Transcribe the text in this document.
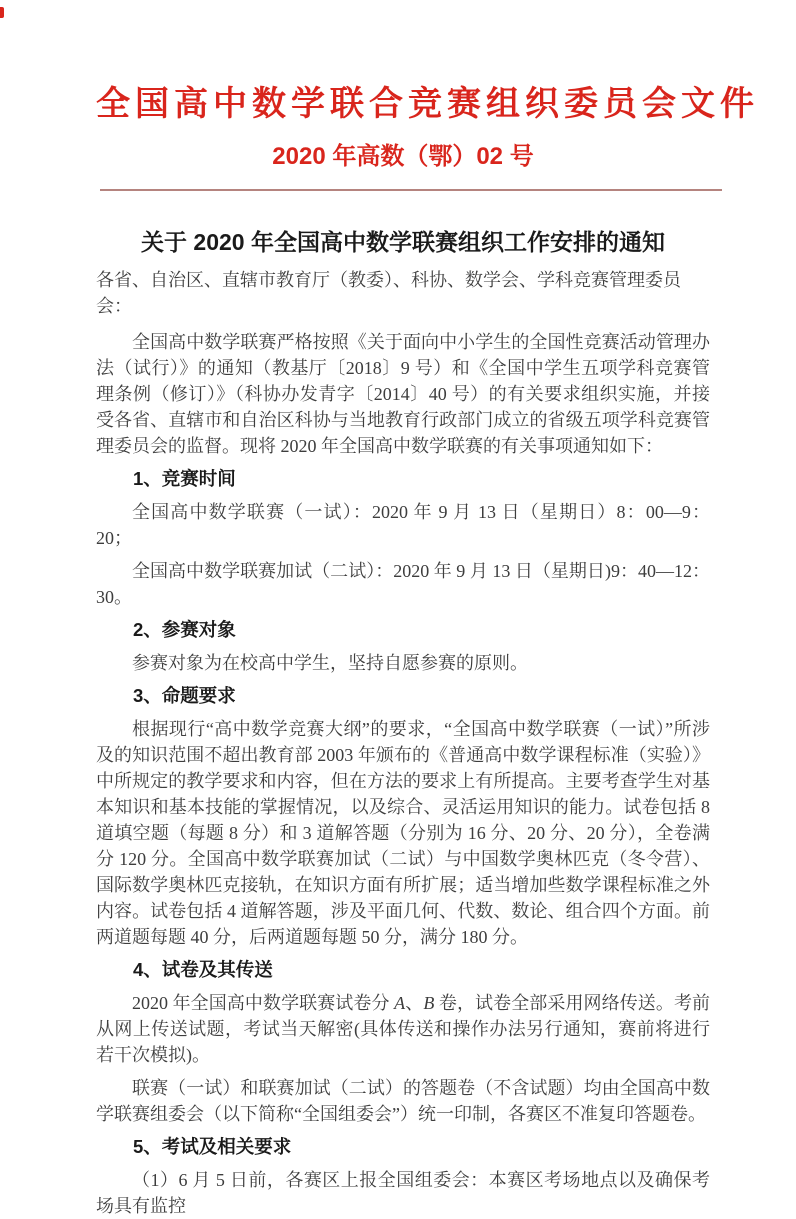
全国高中数学联合竞赛组织委员会文件
2020 年高数（鄂）02 号
关于 2020 年全国高中数学联赛组织工作安排的通知

各省、自治区、直辖市教育厅（教委）、科协、数学会、学科竞赛管理委员会：

全国高中数学联赛严格按照《关于面向中小学生的全国性竞赛活动管理办法（试行）》的通知（教基厅〔2018〕9 号）和《全国中学生五项学科竞赛管理条例（修订）》（科协办发青字〔2014〕40 号）的有关要求组织实施，并接受各省、直辖市和自治区科协与当地教育行政部门成立的省级五项学科竞赛管理委员会的监督。现将 2020 年全国高中数学联赛的有关事项通知如下：

1、竞赛时间

全国高中数学联赛（一试）：2020 年 9 月 13 日（星期日）8：00—9：20；

全国高中数学联赛加试（二试）：2020 年 9 月 13 日（星期日)9：40—12：30。

2、参赛对象

参赛对象为在校高中学生，坚持自愿参赛的原则。

3、命题要求

根据现行“高中数学竞赛大纲”的要求，“全国高中数学联赛（一试）”所涉及的知识范围不超出教育部 2003 年颁布的《普通高中数学课程标准（实验）》中所规定的教学要求和内容，但在方法的要求上有所提高。主要考查学生对基本知识和基本技能的掌握情况，以及综合、灵活运用知识的能力。试卷包括 8 道填空题（每题 8 分）和 3 道解答题（分别为 16 分、20 分、20 分），全卷满分 120 分。全国高中数学联赛加试（二试）与中国数学奥林匹克（冬令营）、国际数学奥林匹克接轨，在知识方面有所扩展；适当增加些数学课程标准之外内容。试卷包括 4 道解答题，涉及平面几何、代数、数论、组合四个方面。前两道题每题 40 分，后两道题每题 50 分，满分 180 分。

4、试卷及其传送

2020 年全国高中数学联赛试卷分 A、B 卷，试卷全部采用网络传送。考前从网上传送试题，考试当天解密(具体传送和操作办法另行通知，赛前将进行若干次模拟)。

联赛（一试）和联赛加试（二试）的答题卷（不含试题）均由全国高中数学联赛组委会（以下简称“全国组委会”）统一印制，各赛区不准复印答题卷。

5、考试及相关要求

（1）6 月 5 日前，各赛区上报全国组委会：本赛区考场地点以及确保考场具有监控
